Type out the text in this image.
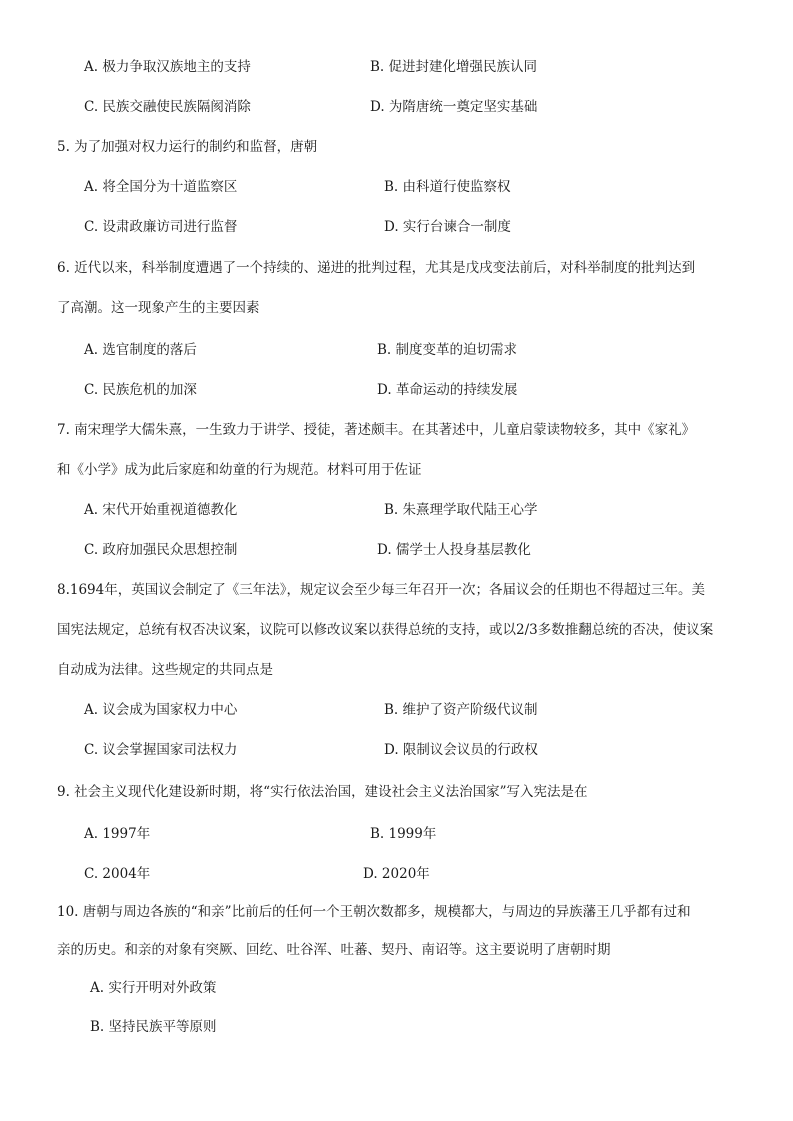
A. 极力争取汉族地主的支持	B. 促进封建化增强民族认同
C. 民族交融使民族隔阂消除	D. 为隋唐统一奠定坚实基础
5. 为了加强对权力运行的制约和监督，唐朝
A. 将全国分为十道监察区	B. 由科道行使监察权
C. 设肃政廉访司进行监督	D. 实行台谏合一制度
6. 近代以来，科举制度遭遇了一个持续的、递进的批判过程，尤其是戊戌变法前后，对科举制度的批判达到
了高潮。这一现象产生的主要因素
A. 选官制度的落后	B. 制度变革的迫切需求
C. 民族危机的加深	D. 革命运动的持续发展
7. 南宋理学大儒朱熹，一生致力于讲学、授徒，著述颇丰。在其著述中，儿童启蒙读物较多，其中《家礼》
和《小学》成为此后家庭和幼童的行为规范。材料可用于佐证
A. 宋代开始重视道德教化	B. 朱熹理学取代陆王心学
C. 政府加强民众思想控制	D. 儒学士人投身基层教化
8.1694年，英国议会制定了《三年法》，规定议会至少每三年召开一次；各届议会的任期也不得超过三年。美
国宪法规定，总统有权否决议案，议院可以修改议案以获得总统的支持，或以2/3多数推翻总统的否决，使议案
自动成为法律。这些规定的共同点是
A. 议会成为国家权力中心	B. 维护了资产阶级代议制
C. 议会掌握国家司法权力	D. 限制议会议员的行政权
9. 社会主义现代化建设新时期，将“实行依法治国，建设社会主义法治国家”写入宪法是在
A. 1997年	B. 1999年
C. 2004年	D. 2020年
10. 唐朝与周边各族的“和亲”比前后的任何一个王朝次数都多，规模都大，与周边的异族藩王几乎都有过和
亲的历史。和亲的对象有突厥、回纥、吐谷浑、吐蕃、契丹、南诏等。这主要说明了唐朝时期
A. 实行开明对外政策
B. 坚持民族平等原则
